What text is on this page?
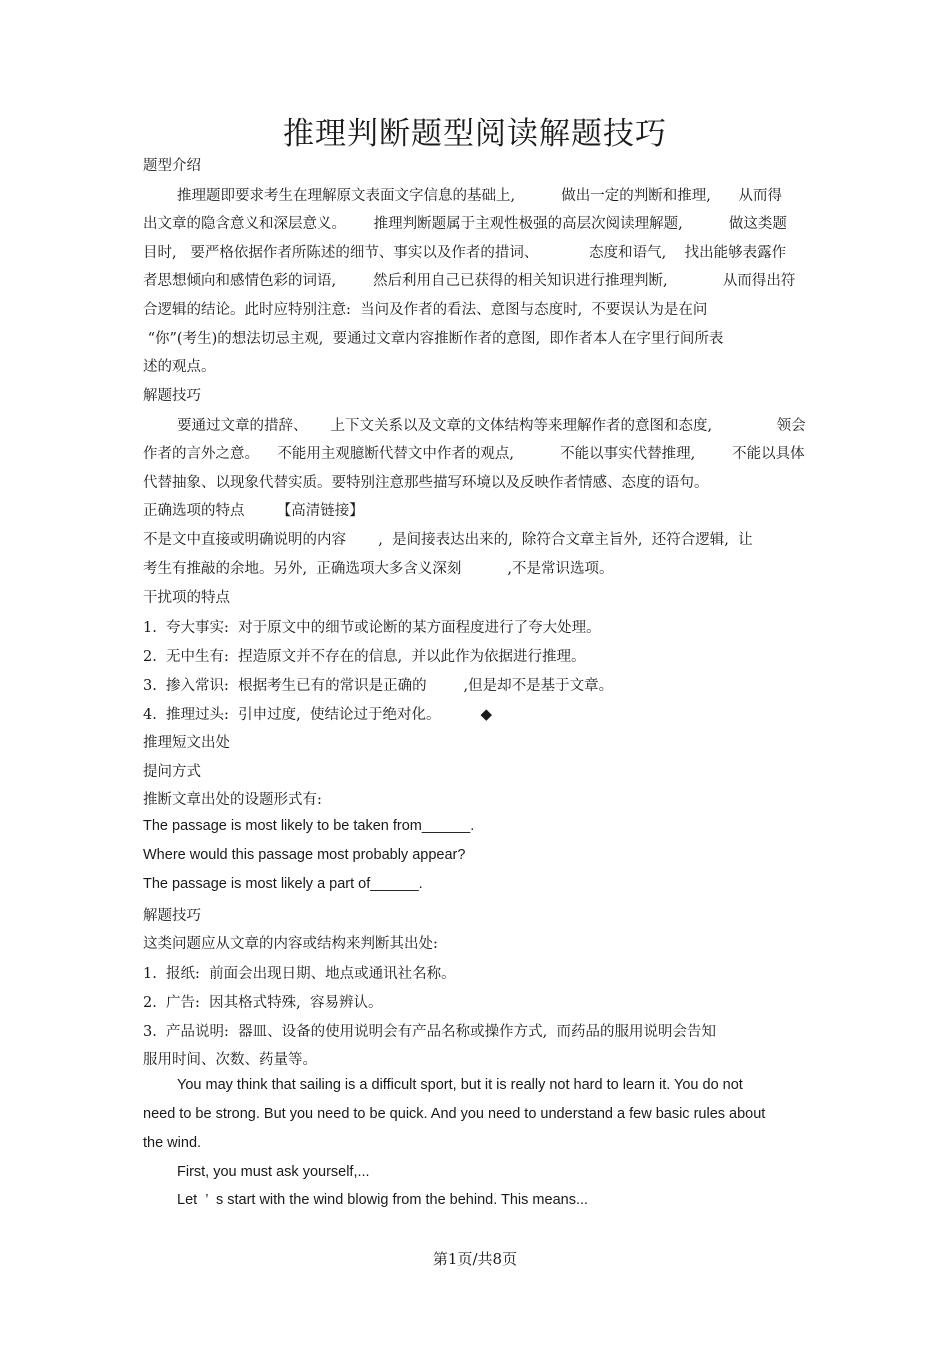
推理判断题型阅读解题技巧
题型介绍
推理题即要求考生在理解原文表面文字信息的基础上,          做出一定的判断和推理,      从而得
出文章的隐含意义和深层意义。      推理判断题属于主观性极强的高层次阅读理解题,          做这类题
目时,   要严格依据作者所陈述的细节、事实以及作者的措词、           态度和语气,    找出能够表露作
者思想倾向和感情色彩的词语,        然后利用自己已获得的相关知识进行推理判断,            从而得出符
合逻辑的结论。此时应特别注意:  当问及作者的看法、意图与态度时,  不要误认为是在问
“你”(考生)的想法切忌主观,  要通过文章内容推断作者的意图,  即作者本人在字里行间所表
述的观点。
解题技巧
要通过文章的措辞、     上下文关系以及文章的文体结构等来理解作者的意图和态度,              领会
作者的言外之意。    不能用主观臆断代替文中作者的观点,          不能以事实代替推理,        不能以具体
代替抽象、以现象代替实质。要特别注意那些描写环境以及反映作者情感、态度的语句。
正确选项的特点       【高清链接】
不是文中直接或明确说明的内容       ,  是间接表达出来的,  除符合文章主旨外,  还符合逻辑,  让
考生有推敲的余地。另外,  正确选项大多含义深刻          ,不是常识选项。
干扰项的特点
1.  夸大事实:  对于原文中的细节或论断的某方面程度进行了夸大处理。
2.  无中生有:  捏造原文并不存在的信息,  并以此作为依据进行推理。
3.  掺入常识:  根据考生已有的常识是正确的        ,但是却不是基于文章。
4.  推理过头:  引申过度,  使结论过于绝对化。	◆
推理短文出处
提问方式
推断文章出处的设题形式有:
The passage is most likely to be taken from______.
Where would this passage most probably appear?
The passage is most likely a part of______.
解题技巧
这类问题应从文章的内容或结构来判断其出处:
1.  报纸:  前面会出现日期、地点或通讯社名称。
2.  广告:  因其格式特殊,  容易辨认。
3.  产品说明:  器皿、设备的使用说明会有产品名称或操作方式,  而药品的服用说明会告知
服用时间、次数、药量等。
You may think that sailing is a difficult sport, but it is really not hard to learn it. You do not
need to be strong. But you need to be quick. And you need to understand a few basic rules about
the wind.
First, you must ask yourself,...
Let  ’  s start with the wind blowig from the behind. This means...
第1页/共8页
